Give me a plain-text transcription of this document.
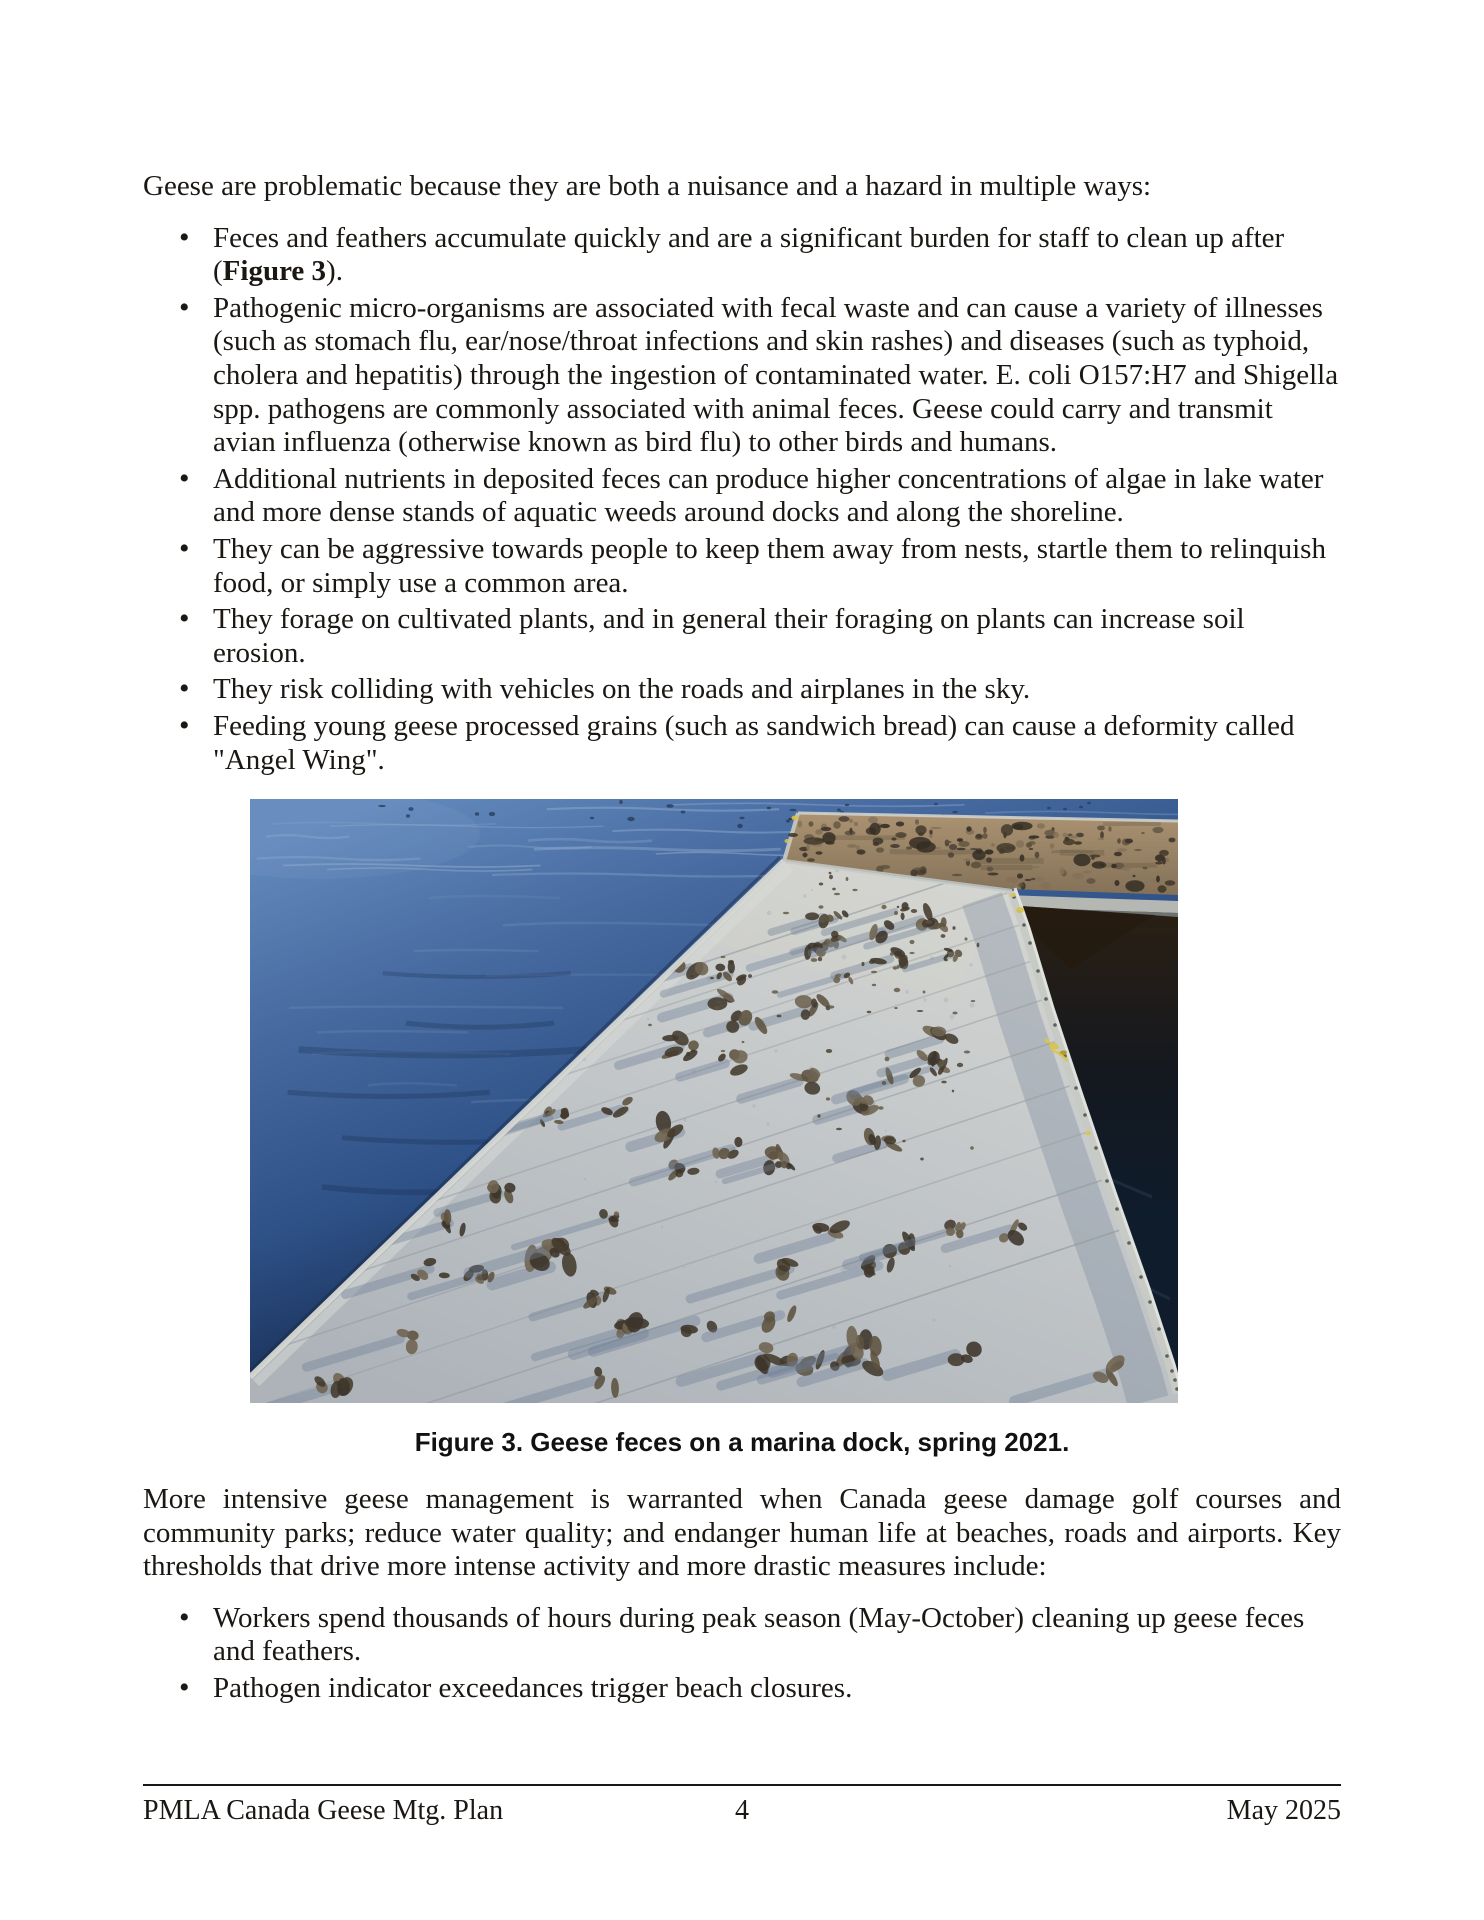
Geese are problematic because they are both a nuisance and a hazard in multiple ways:

• Feces and feathers accumulate quickly and are a significant burden for staff to clean up after (Figure 3).
• Pathogenic micro-organisms are associated with fecal waste and can cause a variety of illnesses (such as stomach flu, ear/nose/throat infections and skin rashes) and diseases (such as typhoid, cholera and hepatitis) through the ingestion of contaminated water. E. coli O157:H7 and Shigella spp. pathogens are commonly associated with animal feces. Geese could carry and transmit avian influenza (otherwise known as bird flu) to other birds and humans.
• Additional nutrients in deposited feces can produce higher concentrations of algae in lake water and more dense stands of aquatic weeds around docks and along the shoreline.
• They can be aggressive towards people to keep them away from nests, startle them to relinquish food, or simply use a common area.
• They forage on cultivated plants, and in general their foraging on plants can increase soil erosion.
• They risk colliding with vehicles on the roads and airplanes in the sky.
• Feeding young geese processed grains (such as sandwich bread) can cause a deformity called "Angel Wing".
Figure 3. Geese feces on a marina dock, spring 2021.

More intensive geese management is warranted when Canada geese damage golf courses and community parks; reduce water quality; and endanger human life at beaches, roads and airports. Key thresholds that drive more intense activity and more drastic measures include:

• Workers spend thousands of hours during peak season (May-October) cleaning up geese feces and feathers.
• Pathogen indicator exceedances trigger beach closures.
PMLA Canada Geese Mtg. Plan	4	May 2025
